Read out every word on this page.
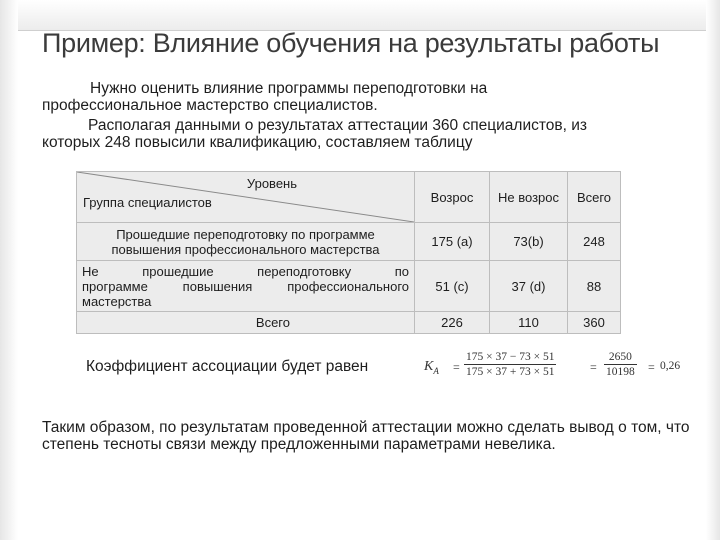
Пример: Влияние обучения на результаты работы
Нужно оценить влияние программы переподготовки на
профессиональное мастерство специалистов.
Располагая данными о результатах аттестации 360 специалистов, из
которых 248 повысили квалификацию, составляем таблицу
Уровень
Группа специалистов	Возрос	Не возрос	Всего

Прошедшие переподготовку по программе
повышения профессионального мастерства	175 (a)	73(b)	248

Не прошедшие переподготовку по
программе повышения профессионального мастерства	51 (c)	37 (d)	88
Всего	226	110	360
Коэффициент ассоциации будет равен	$K_A = \frac{175 \times 37 - 73 \times 51}{175 \times 37 + 73 \times 51}$	= $\frac{2650}{10198} = 0,26$
Таким образом, по результатам проведенной аттестации можно сделать вывод о том, что степень тесноты связи между предложенными параметрами невелика.
